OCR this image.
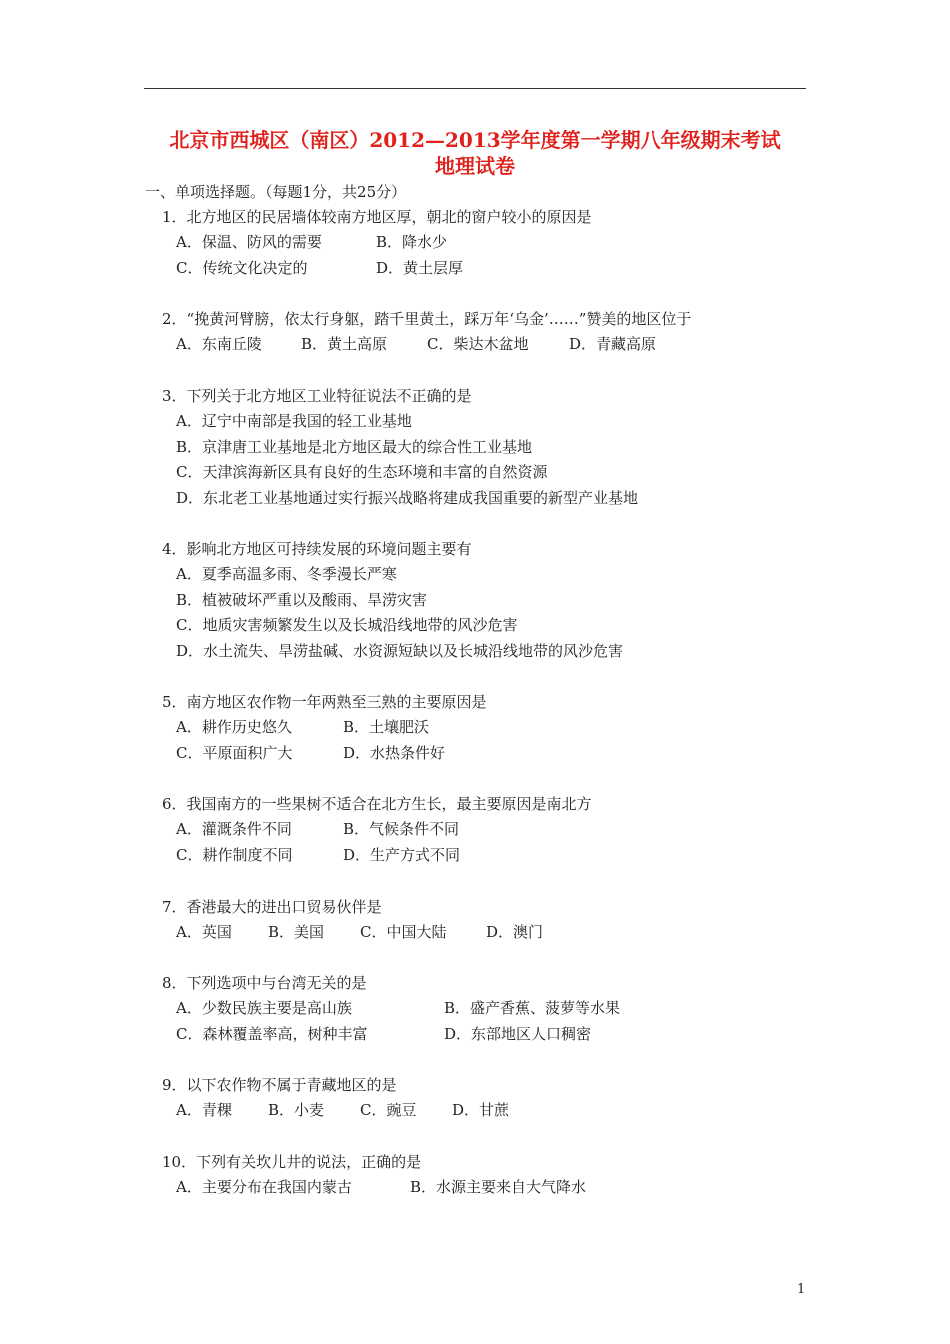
北京市西城区（南区）2012—2013学年度第一学期八年级期末考试
地理试卷
一、单项选择题。（每题1分，共25分）
1．北方地区的民居墙体较南方地区厚，朝北的窗户较小的原因是
A．保温、防风的需要	B．降水少
C．传统文化决定的	D．黄土层厚
2．“挽黄河臂膀，依太行身躯，踏千里黄土，踩万年‘乌金’……”赞美的地区位于
A．东南丘陵	B．黄土高原	C．柴达木盆地	D．青藏高原
3．下列关于北方地区工业特征说法不正确的是
A．辽宁中南部是我国的轻工业基地
B．京津唐工业基地是北方地区最大的综合性工业基地
C．天津滨海新区具有良好的生态环境和丰富的自然资源
D．东北老工业基地通过实行振兴战略将建成我国重要的新型产业基地
4．影响北方地区可持续发展的环境问题主要有
A．夏季高温多雨、冬季漫长严寒
B．植被破坏严重以及酸雨、旱涝灾害
C．地质灾害频繁发生以及长城沿线地带的风沙危害
D．水土流失、旱涝盐碱、水资源短缺以及长城沿线地带的风沙危害
5．南方地区农作物一年两熟至三熟的主要原因是
A．耕作历史悠久	B．土壤肥沃
C．平原面积广大	D．水热条件好
6．我国南方的一些果树不适合在北方生长，最主要原因是南北方
A．灌溉条件不同	B．气候条件不同
C．耕作制度不同	D．生产方式不同
7．香港最大的进出口贸易伙伴是
A．英国 B．美国 C．中国大陆	D．澳门
8．下列选项中与台湾无关的是
A．少数民族主要是高山族	B．盛产香蕉、菠萝等水果
C．森林覆盖率高，树种丰富	D．东部地区人口稠密
9．以下农作物不属于青藏地区的是
A．青稞 B．小麦 C．豌豆 D．甘蔗
10．下列有关坎儿井的说法，正确的是
A．主要分布在我国内蒙古	B．水源主要来自大气降水
1
